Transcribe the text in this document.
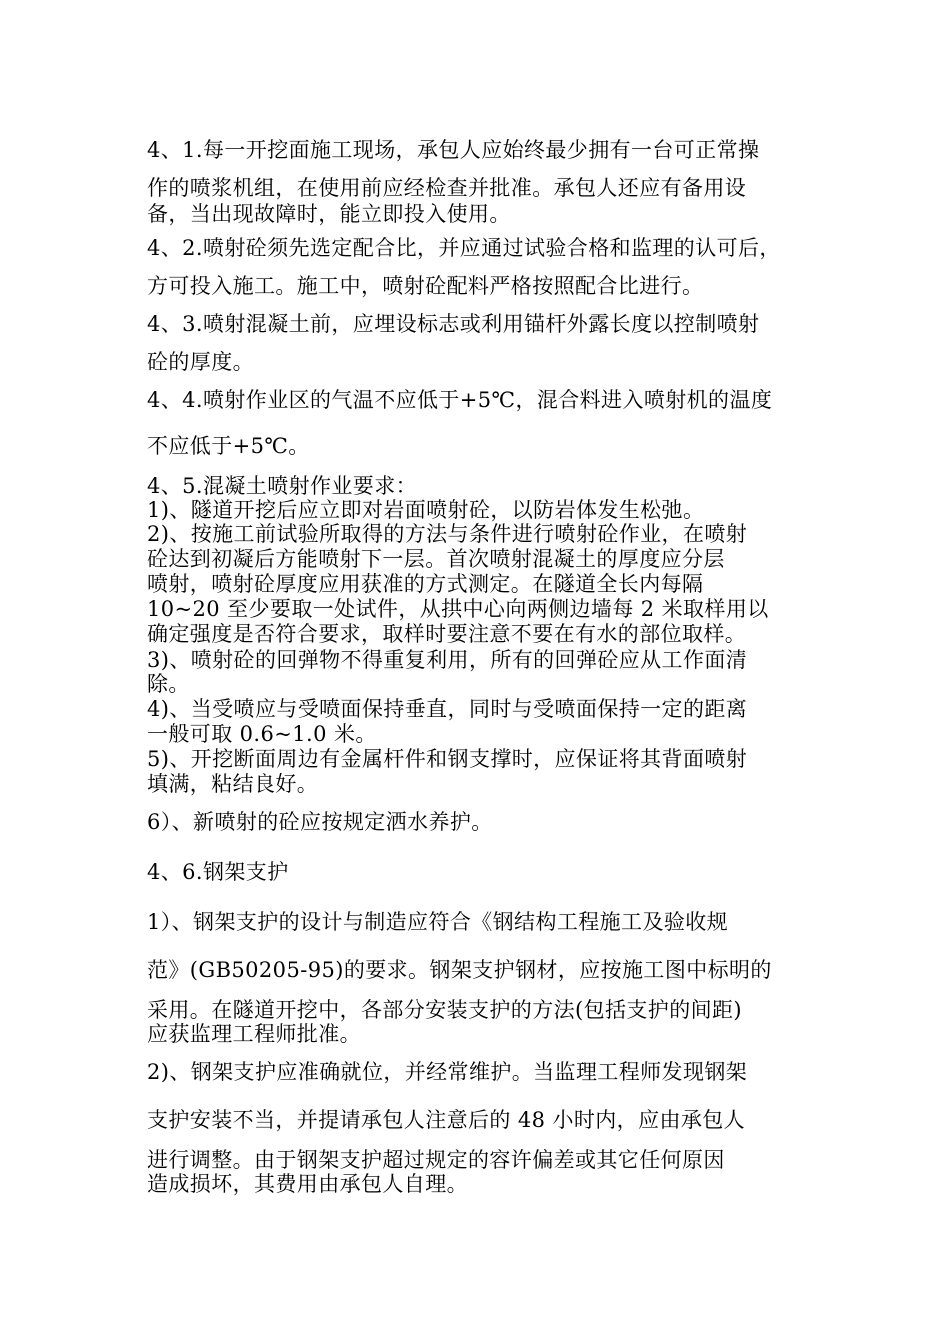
4、1.每一开挖面施工现场，承包人应始终最少拥有一台可正常操
作的喷浆机组，在使用前应经检查并批准。承包人还应有备用设
备，当出现故障时，能立即投入使用。
4、2.喷射砼须先选定配合比，并应通过试验合格和监理的认可后，
方可投入施工。施工中，喷射砼配料严格按照配合比进行。
4、3.喷射混凝土前，应埋设标志或利用锚杆外露长度以控制喷射
砼的厚度。
4、4.喷射作业区的气温不应低于+5℃，混合料进入喷射机的温度
不应低于+5℃。
4、5.混凝土喷射作业要求：
1)、隧道开挖后应立即对岩面喷射砼，以防岩体发生松弛。
2)、按施工前试验所取得的方法与条件进行喷射砼作业，在喷射
砼达到初凝后方能喷射下一层。首次喷射混凝土的厚度应分层
喷射，喷射砼厚度应用获准的方式测定。在隧道全长内每隔
10~20 至少要取一处试件，从拱中心向两侧边墙每 2 米取样用以
确定强度是否符合要求，取样时要注意不要在有水的部位取样。
3)、喷射砼的回弹物不得重复利用，所有的回弹砼应从工作面清
除。
4)、当受喷应与受喷面保持垂直，同时与受喷面保持一定的距离
一般可取 0.6~1.0 米。
5)、开挖断面周边有金属杆件和钢支撑时，应保证将其背面喷射
填满，粘结良好。
6）、新喷射的砼应按规定洒水养护。
4、6.钢架支护
1）、钢架支护的设计与制造应符合《钢结构工程施工及验收规
范》(GB50205-95)的要求。钢架支护钢材，应按施工图中标明的
采用。在隧道开挖中，各部分安装支护的方法(包括支护的间距)
应获监理工程师批准。
2)、钢架支护应准确就位，并经常维护。当监理工程师发现钢架
支护安装不当，并提请承包人注意后的 48 小时内，应由承包人
进行调整。由于钢架支护超过规定的容许偏差或其它任何原因
造成损坏，其费用由承包人自理。
